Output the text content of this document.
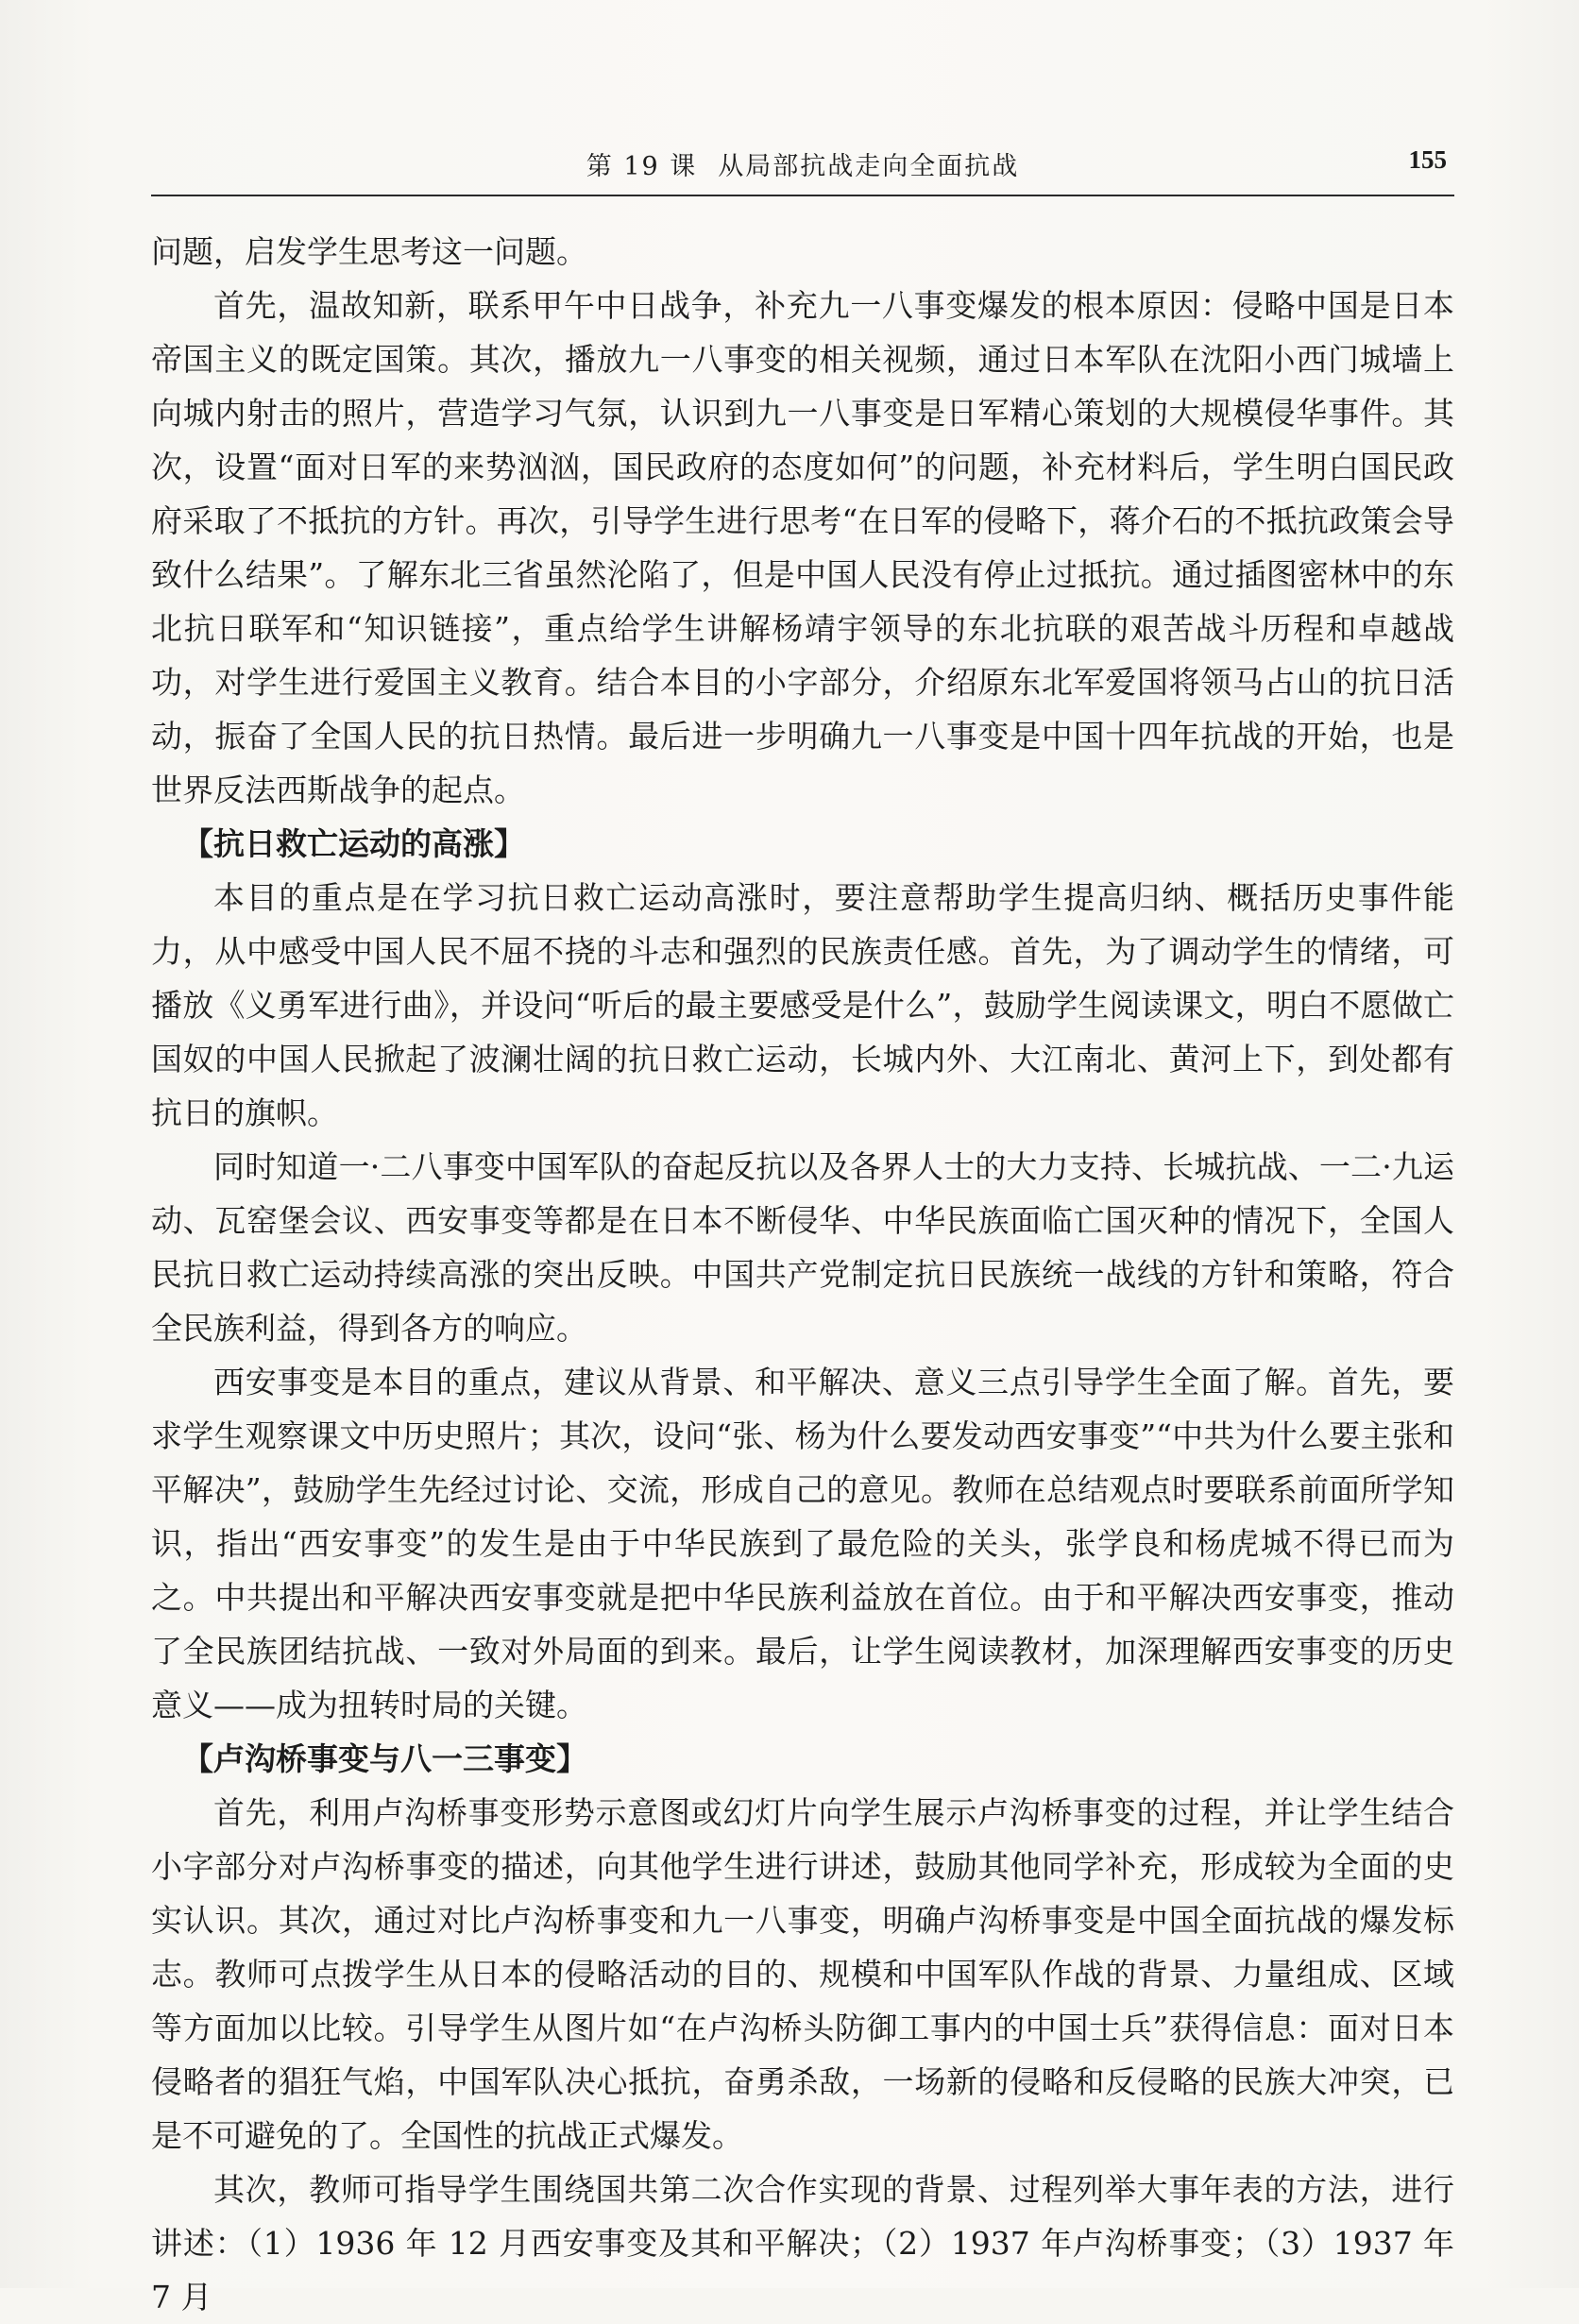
第 19 课 从局部抗战走向全面抗战	155

问题，启发学生思考这一问题。

首先，温故知新，联系甲午中日战争，补充九一八事变爆发的根本原因：侵略中国是日本帝国主义的既定国策。其次，播放九一八事变的相关视频，通过日本军队在沈阳小西门城墙上向城内射击的照片，营造学习气氛，认识到九一八事变是日军精心策划的大规模侵华事件。其次，设置“面对日军的来势汹汹，国民政府的态度如何”的问题，补充材料后，学生明白国民政府采取了不抵抗的方针。再次，引导学生进行思考“在日军的侵略下，蒋介石的不抵抗政策会导致什么结果”。了解东北三省虽然沦陷了，但是中国人民没有停止过抵抗。通过插图密林中的东北抗日联军和“知识链接”，重点给学生讲解杨靖宇领导的东北抗联的艰苦战斗历程和卓越战功，对学生进行爱国主义教育。结合本目的小字部分，介绍原东北军爱国将领马占山的抗日活动，振奋了全国人民的抗日热情。最后进一步明确九一八事变是中国十四年抗战的开始，也是世界反法西斯战争的起点。

【抗日救亡运动的高涨】

本目的重点是在学习抗日救亡运动高涨时，要注意帮助学生提高归纳、概括历史事件能力，从中感受中国人民不屈不挠的斗志和强烈的民族责任感。首先，为了调动学生的情绪，可播放《义勇军进行曲》，并设问“听后的最主要感受是什么”，鼓励学生阅读课文，明白不愿做亡国奴的中国人民掀起了波澜壮阔的抗日救亡运动，长城内外、大江南北、黄河上下，到处都有抗日的旗帜。

同时知道一·二八事变中国军队的奋起反抗以及各界人士的大力支持、长城抗战、一二·九运动、瓦窑堡会议、西安事变等都是在日本不断侵华、中华民族面临亡国灭种的情况下，全国人民抗日救亡运动持续高涨的突出反映。中国共产党制定抗日民族统一战线的方针和策略，符合全民族利益，得到各方的响应。

西安事变是本目的重点，建议从背景、和平解决、意义三点引导学生全面了解。首先，要求学生观察课文中历史照片；其次，设问“张、杨为什么要发动西安事变”“中共为什么要主张和平解决”，鼓励学生先经过讨论、交流，形成自己的意见。教师在总结观点时要联系前面所学知识，指出“西安事变”的发生是由于中华民族到了最危险的关头，张学良和杨虎城不得已而为之。中共提出和平解决西安事变就是把中华民族利益放在首位。由于和平解决西安事变，推动了全民族团结抗战、一致对外局面的到来。最后，让学生阅读教材，加深理解西安事变的历史意义——成为扭转时局的关键。

【卢沟桥事变与八一三事变】

首先，利用卢沟桥事变形势示意图或幻灯片向学生展示卢沟桥事变的过程，并让学生结合小字部分对卢沟桥事变的描述，向其他学生进行讲述，鼓励其他同学补充，形成较为全面的史实认识。其次，通过对比卢沟桥事变和九一八事变，明确卢沟桥事变是中国全面抗战的爆发标志。教师可点拨学生从日本的侵略活动的目的、规模和中国军队作战的背景、力量组成、区域等方面加以比较。引导学生从图片如“在卢沟桥头防御工事内的中国士兵”获得信息：面对日本侵略者的猖狂气焰，中国军队决心抵抗，奋勇杀敌，一场新的侵略和反侵略的民族大冲突，已是不可避免的了。全国性的抗战正式爆发。

其次，教师可指导学生围绕国共第二次合作实现的背景、过程列举大事年表的方法，进行讲述：（1）1936 年 12 月西安事变及其和平解决；（2）1937 年卢沟桥事变；（3）1937 年 7 月
